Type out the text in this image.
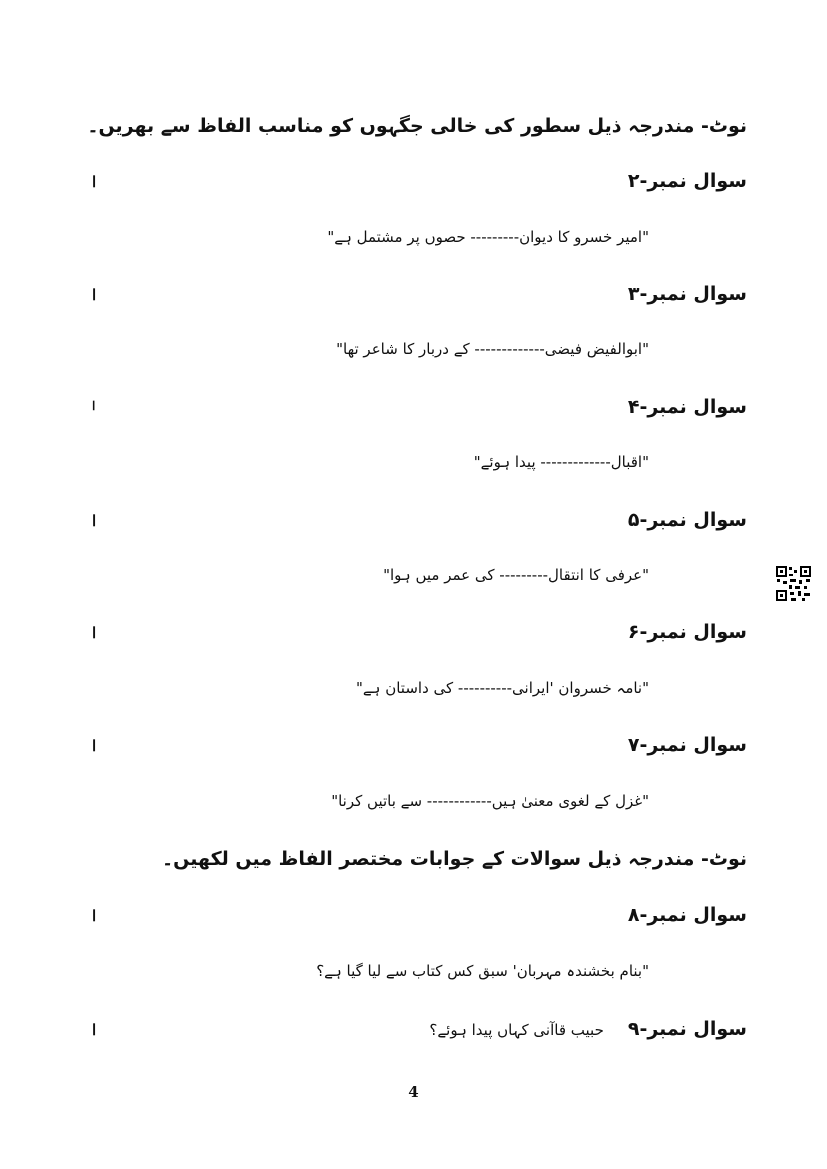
نوٹ- مندرجہ ذیل سطور کی خالی جگہوں کو مناسب الفاظ سے بھریں۔
سوال نمبر-۲
ا
"امیر خسرو کا دیوان--------- حصوں پر مشتمل ہے"
سوال نمبر-۳
ا
"ابوالفیض فیضی------------- کے دربار کا شاعر تھا"
سوال نمبر-۴
ا
"اقبال------------- پیدا ہوئے"
سوال نمبر-۵
ا
"عرفی کا انتقال--------- کی عمر میں ہوا"
سوال نمبر-۶
ا
"نامہ خسروان 'ایرانی---------- کی داستان ہے"
سوال نمبر-۷
ا
"غزل کے لغوی معنیٰ ہیں------------ سے باتیں کرنا"
نوٹ- مندرجہ ذیل سوالات کے جوابات مختصر الفاظ میں لکھیں۔
سوال نمبر-۸
ا
"بنام بخشندہ مہربان' سبق کس کتاب سے لیا گیا ہے؟
سوال نمبر-۹حبیب قاآنی کہاں پیدا ہوئے؟
ا
4
